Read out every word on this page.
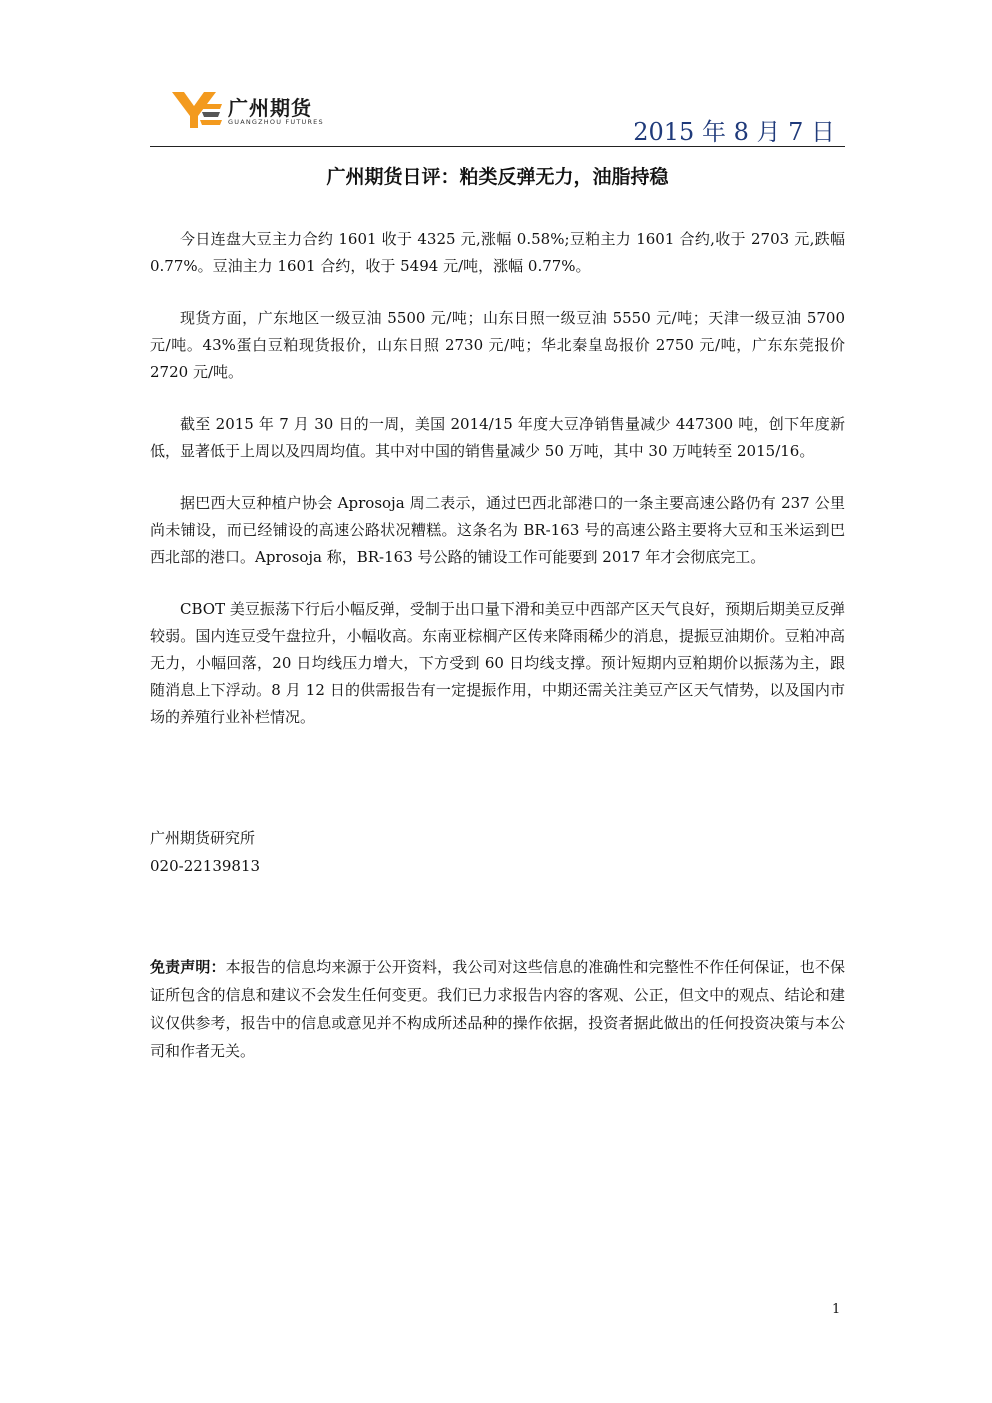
广州期货
GUANGZHOU FUTURES	2015 年 8 月 7 日
广州期货日评：粕类反弹无力，油脂持稳

今日连盘大豆主力合约 1601 收于 4325 元,涨幅 0.58%;豆粕主力 1601 合约,收于 2703 元,跌幅 0.77%。豆油主力 1601 合约，收于 5494 元/吨，涨幅 0.77%。

现货方面，广东地区一级豆油 5500 元/吨；山东日照一级豆油 5550 元/吨；天津一级豆油 5700 元/吨。43%蛋白豆粕现货报价，山东日照 2730 元/吨；华北秦皇岛报价 2750 元/吨，广东东莞报价 2720 元/吨。

截至 2015 年 7 月 30 日的一周，美国 2014/15 年度大豆净销售量减少 447300 吨，创下年度新低，显著低于上周以及四周均值。其中对中国的销售量减少 50 万吨，其中 30 万吨转至 2015/16。

据巴西大豆种植户协会 Aprosoja 周二表示，通过巴西北部港口的一条主要高速公路仍有 237 公里尚未铺设，而已经铺设的高速公路状况糟糕。这条名为 BR-163 号的高速公路主要将大豆和玉米运到巴西北部的港口。Aprosoja 称，BR-163 号公路的铺设工作可能要到 2017 年才会彻底完工。

CBOT 美豆振荡下行后小幅反弹，受制于出口量下滑和美豆中西部产区天气良好，预期后期美豆反弹较弱。国内连豆受午盘拉升，小幅收高。东南亚棕榈产区传来降雨稀少的消息，提振豆油期价。豆粕冲高无力，小幅回落，20 日均线压力增大，下方受到 60 日均线支撑。预计短期内豆粕期价以振荡为主，跟随消息上下浮动。8 月 12 日的供需报告有一定提振作用，中期还需关注美豆产区天气情势，以及国内市场的养殖行业补栏情况。

广州期货研究所
020-22139813
免责声明：本报告的信息均来源于公开资料，我公司对这些信息的准确性和完整性不作任何保证，也不保证所包含的信息和建议不会发生任何变更。我们已力求报告内容的客观、公正，但文中的观点、结论和建议仅供参考，报告中的信息或意见并不构成所述品种的操作依据，投资者据此做出的任何投资决策与本公司和作者无关。
1
